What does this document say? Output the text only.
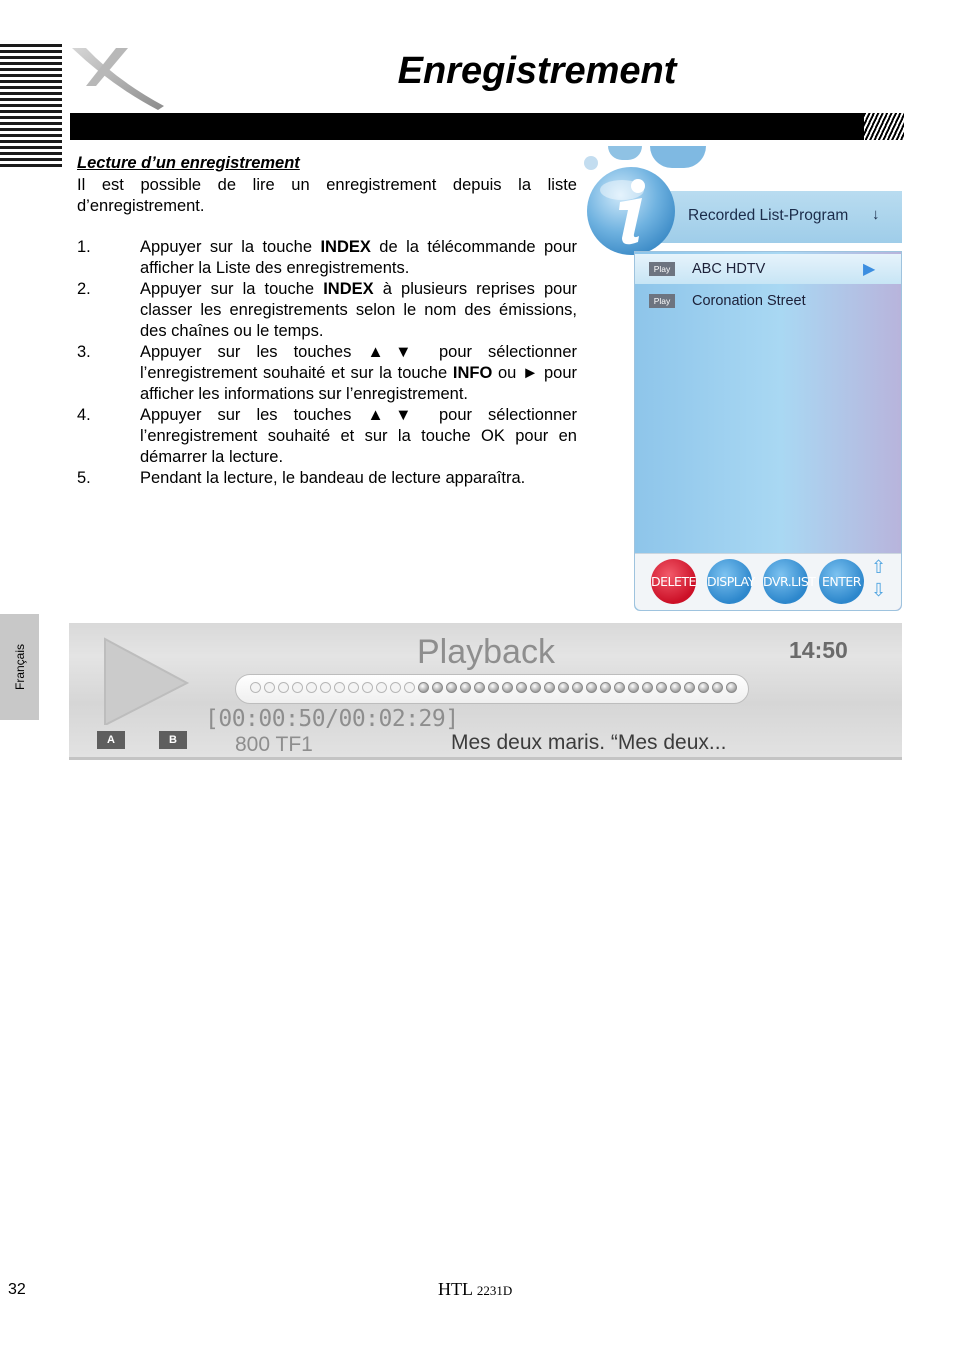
Enregistrement
Lecture d’un enregistrement
Il est possible de lire un enregistrement depuis la liste d’enregistrement.
1.	Appuyer sur la touche INDEX de la télécommande pour afficher la Liste des enregistrements.
2.	Appuyer sur la touche INDEX à plusieurs reprises pour classer les enregistrements selon le nom des émissions, des chaînes ou le temps.
3.	Appuyer sur les touches ▲▼ pour sélectionner l’enregistrement souhaité et sur la touche INFO ou ► pour afficher les informations sur l’enregistrement.
4.	Appuyer sur les touches ▲▼ pour sélectionner l’enregistrement souhaité et sur la touche OK pour en démarrer la lecture.
5.	Pendant la lecture, le bandeau de lecture apparaîtra.
Recorded List-Program ↓
Play	ABC HDTV	▶
Play	Coronation Street
DELETE DISPLAY DVR.LIST ENTER
⇧
⇩
Playback	14:50
[00:00:50/00:02:29]
A	B	800 TF1	Mes deux maris. “Mes deux...
Français
32	HTL 2231D
